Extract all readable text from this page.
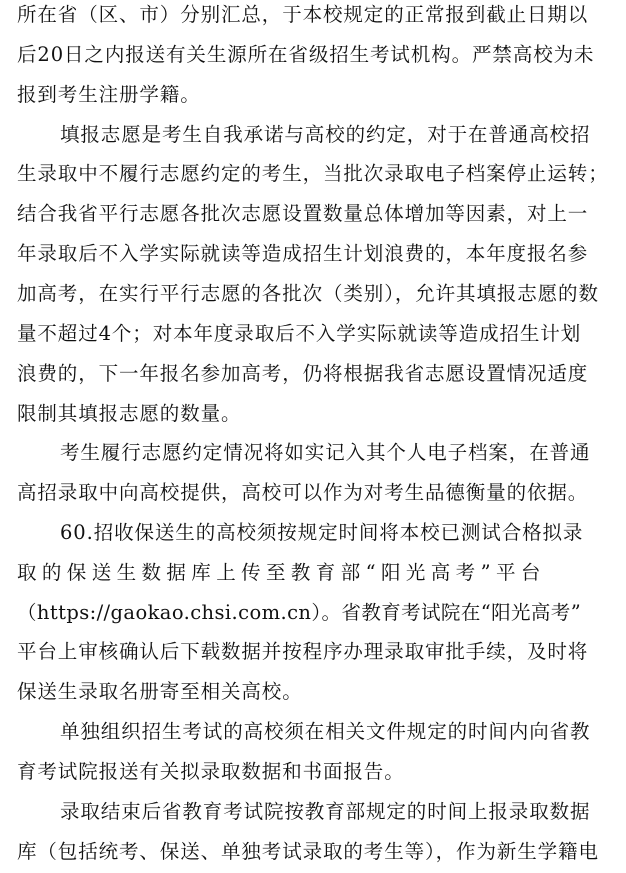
所在省（区、市）分别汇总，于本校规定的正常报到截止日期以
后20日之内报送有关生源所在省级招生考试机构。严禁高校为未
报到考生注册学籍。
填报志愿是考生自我承诺与高校的约定，对于在普通高校招
生录取中不履行志愿约定的考生，当批次录取电子档案停止运转；
结合我省平行志愿各批次志愿设置数量总体增加等因素，对上一
年录取后不入学实际就读等造成招生计划浪费的，本年度报名参
加高考，在实行平行志愿的各批次（类别），允许其填报志愿的数
量不超过4个；对本年度录取后不入学实际就读等造成招生计划
浪费的，下一年报名参加高考，仍将根据我省志愿设置情况适度
限制其填报志愿的数量。
考生履行志愿约定情况将如实记入其个人电子档案，在普通
高招录取中向高校提供，高校可以作为对考生品德衡量的依据。
60.招收保送生的高校须按规定时间将本校已测试合格拟录
取的保送生数据库上传至教育部“阳光高考”平台
（https://gaokao.chsi.com.cn）。省教育考试院在“阳光高考”
平台上审核确认后下载数据并按程序办理录取审批手续，及时将
保送生录取名册寄至相关高校。
单独组织招生考试的高校须在相关文件规定的时间内向省教
育考试院报送有关拟录取数据和书面报告。
录取结束后省教育考试院按教育部规定的时间上报录取数据
库（包括统考、保送、单独考试录取的考生等），作为新生学籍电
